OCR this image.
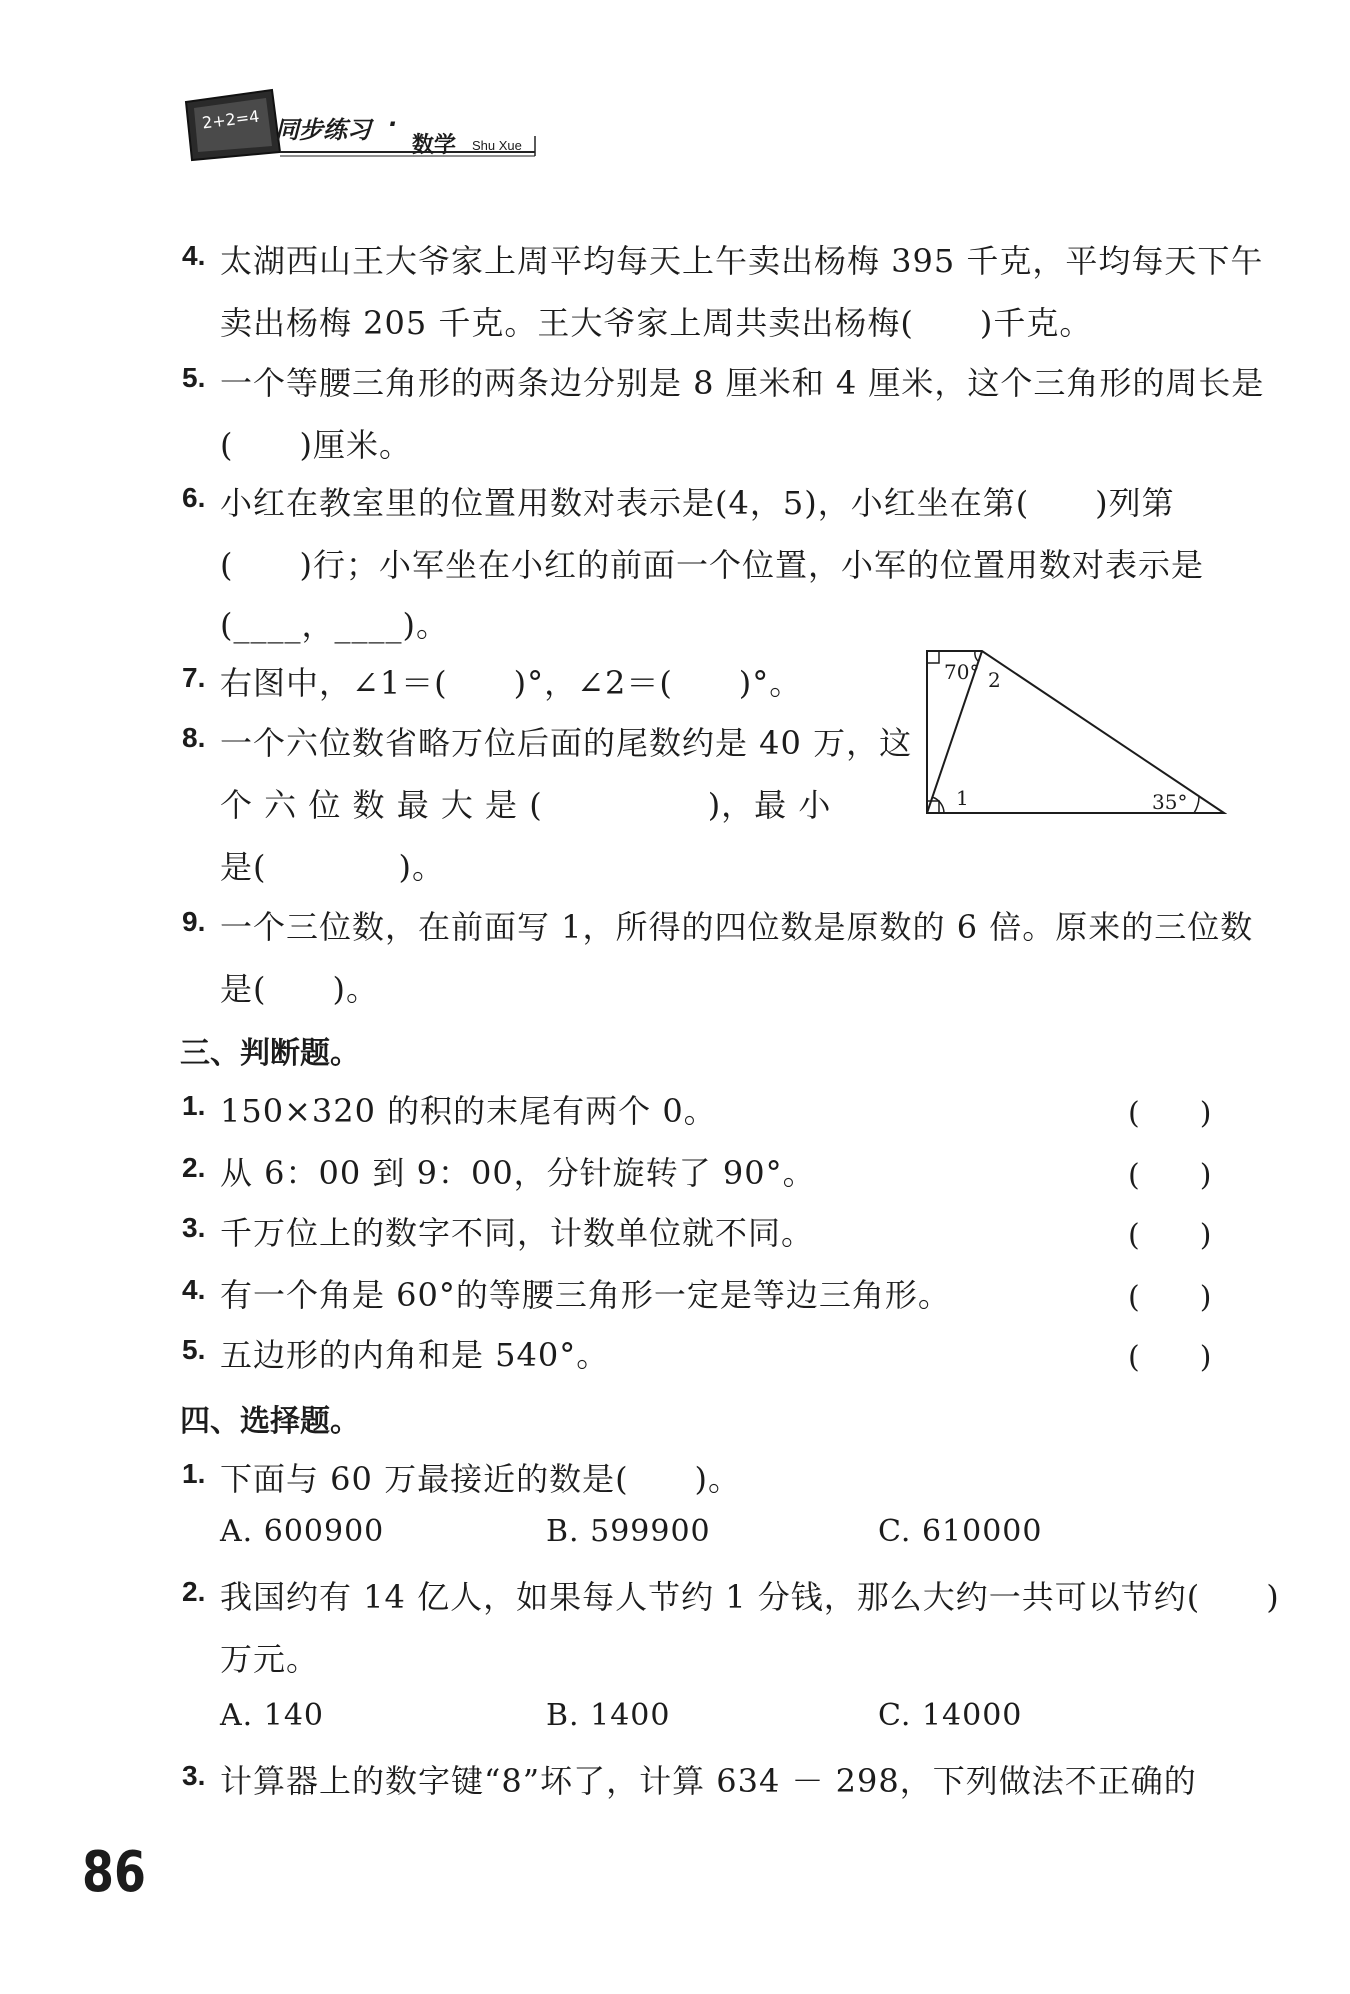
2+2=4 同步练习 ·
数学 Shu Xue
4. 太湖西山王大爷家上周平均每天上午卖出杨梅 395 千克，平均每天下午
卖出杨梅 205 千克。王大爷家上周共卖出杨梅(　　)千克。
5. 一个等腰三角形的两条边分别是 8 厘米和 4 厘米，这个三角形的周长是
(　　)厘米。
6. 小红在教室里的位置用数对表示是(4，5)，小红坐在第(　　)列第
(　　)行；小军坐在小红的前面一个位置，小军的位置用数对表示是
(____，____)。
7. 右图中，∠1＝(　　)°，∠2＝(　　)°。
8. 一个六位数省略万位后面的尾数约是 40 万，这
个 六 位 数 最 大 是 (　　　　　)，最 小
是(　　　　)。
9. 一个三位数，在前面写 1，所得的四位数是原数的 6 倍。原来的三位数
是(　　)。
70° 2
1	35°
三、判断题。
1. 150×320 的积的末尾有两个 0。	(　　)
2. 从 6：00 到 9：00，分针旋转了 90°。	(　　)
3. 千万位上的数字不同，计数单位就不同。	(　　)
4. 有一个角是 60°的等腰三角形一定是等边三角形。	(　　)
5. 五边形的内角和是 540°。	(　　)
四、选择题。
1. 下面与 60 万最接近的数是(　　)。
A. 600900	B. 599900	C. 610000
2. 我国约有 14 亿人，如果每人节约 1 分钱，那么大约一共可以节约(　　)
万元。
A. 140	B. 1400	C. 14000
3. 计算器上的数字键“8”坏了，计算 634 － 298，下列做法不正确的
86
